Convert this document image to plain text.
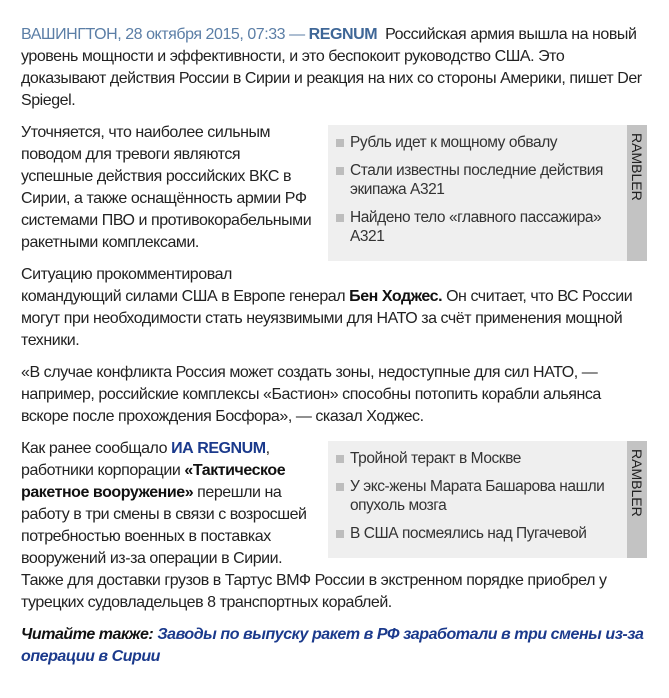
ВАШИНГТОН, 28 октября 2015, 07:33 — REGNUM Российская армия вышла на новый уровень мощности и эффективности, и это беспокоит руководство США. Это доказывают действия России в Сирии и реакция на них со стороны Америки, пишет Der Spiegel.

Рубль идет к мощному обвалу
Стали известны последние действия экипажа А321
Найдено тело «главного пассажира» А321
RAMBLER

Уточняется, что наиболее сильным поводом для тревоги являются успешные действия российских ВКС в Сирии, а также оснащённость армии РФ системами ПВО и противокорабельными ракетными комплексами.

Ситуацию прокомментировал командующий силами США в Европе генерал Бен Ходжес. Он считает, что ВС России могут при необходимости стать неуязвимыми для НАТО за счёт применения мощной техники.

«В случае конфликта Россия может создать зоны, недоступные для сил НАТО, — например, российские комплексы «Бастион» способны потопить корабли альянса вскоре после прохождения Босфора», — сказал Ходжес.

Тройной теракт в Москве
У экс-жены Марата Башарова нашли опухоль мозга
В США посмеялись над Пугачевой
RAMBLER

Как ранее сообщало ИА REGNUM, работники корпорации «Тактическое ракетное вооружение» перешли на работу в три смены в связи с возросшей потребностью военных в поставках вооружений из-за операции в Сирии. Также для доставки грузов в Тартус ВМФ России в экстренном порядке приобрел у турецких судовладельцев 8 транспортных кораблей.

Читайте также: Заводы по выпуску ракет в РФ заработали в три смены из-за операции в Сирии
